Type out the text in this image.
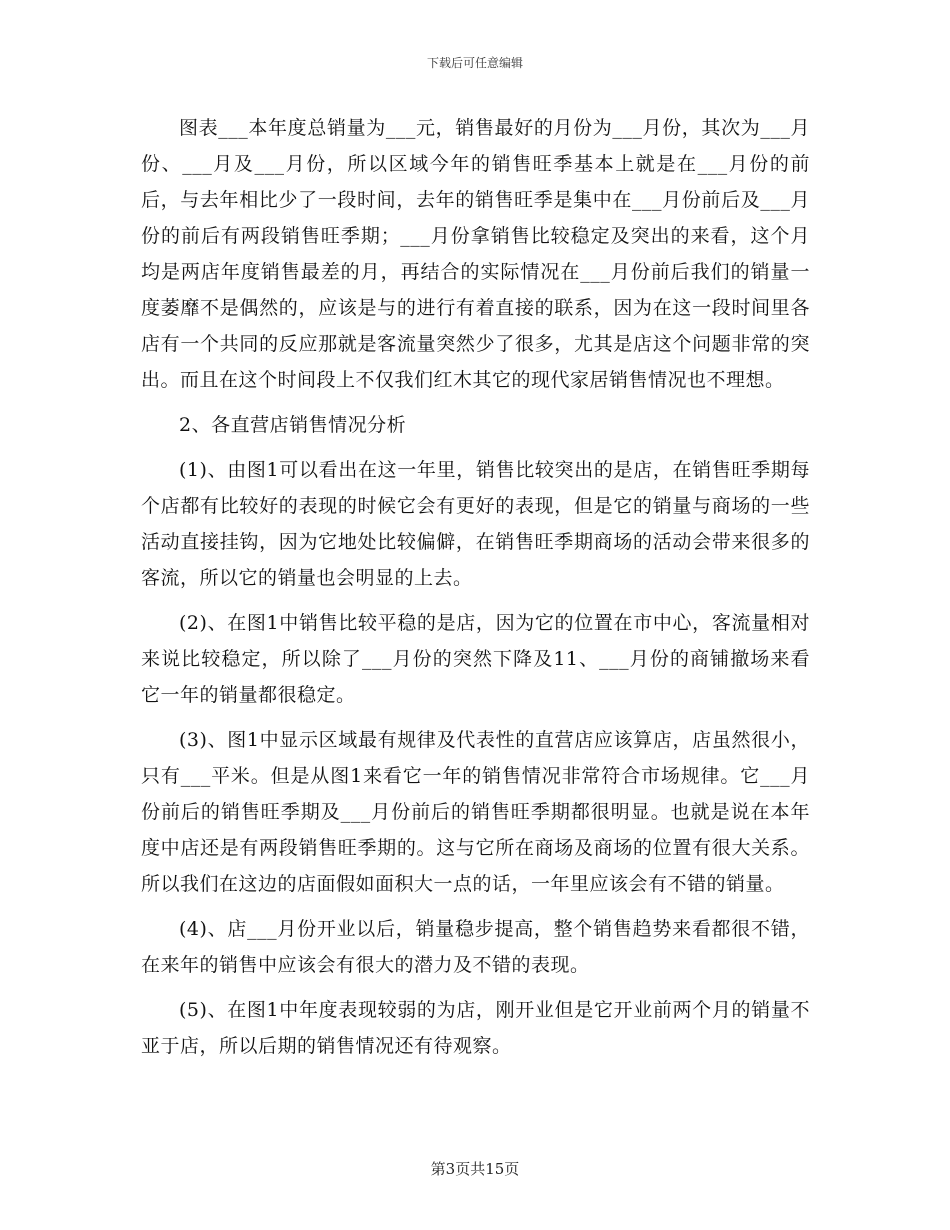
下载后可任意编辑

图表___本年度总销量为___元，销售最好的月份为___月份，其次为___月份、___月及___月份，所以区域今年的销售旺季基本上就是在___月份的前后，与去年相比少了一段时间，去年的销售旺季是集中在___月份前后及___月份的前后有两段销售旺季期；___月份拿销售比较稳定及突出的来看，这个月均是两店年度销售最差的月，再结合的实际情况在___月份前后我们的销量一度萎靡不是偶然的，应该是与的进行有着直接的联系，因为在这一段时间里各店有一个共同的反应那就是客流量突然少了很多，尤其是店这个问题非常的突出。而且在这个时间段上不仅我们红木其它的现代家居销售情况也不理想。

2、各直营店销售情况分析

(1)、由图1可以看出在这一年里，销售比较突出的是店，在销售旺季期每个店都有比较好的表现的时候它会有更好的表现，但是它的销量与商场的一些活动直接挂钩，因为它地处比较偏僻，在销售旺季期商场的活动会带来很多的客流，所以它的销量也会明显的上去。

(2)、在图1中销售比较平稳的是店，因为它的位置在市中心，客流量相对来说比较稳定，所以除了___月份的突然下降及11、___月份的商铺撤场来看它一年的销量都很稳定。

(3)、图1中显示区域最有规律及代表性的直营店应该算店，店虽然很小，只有___平米。但是从图1来看它一年的销售情况非常符合市场规律。它___月份前后的销售旺季期及___月份前后的销售旺季期都很明显。也就是说在本年度中店还是有两段销售旺季期的。这与它所在商场及商场的位置有很大关系。所以我们在这边的店面假如面积大一点的话，一年里应该会有不错的销量。

(4)、店___月份开业以后，销量稳步提高，整个销售趋势来看都很不错，在来年的销售中应该会有很大的潜力及不错的表现。

(5)、在图1中年度表现较弱的为店，刚开业但是它开业前两个月的销量不亚于店，所以后期的销售情况还有待观察。

第3页共15页
